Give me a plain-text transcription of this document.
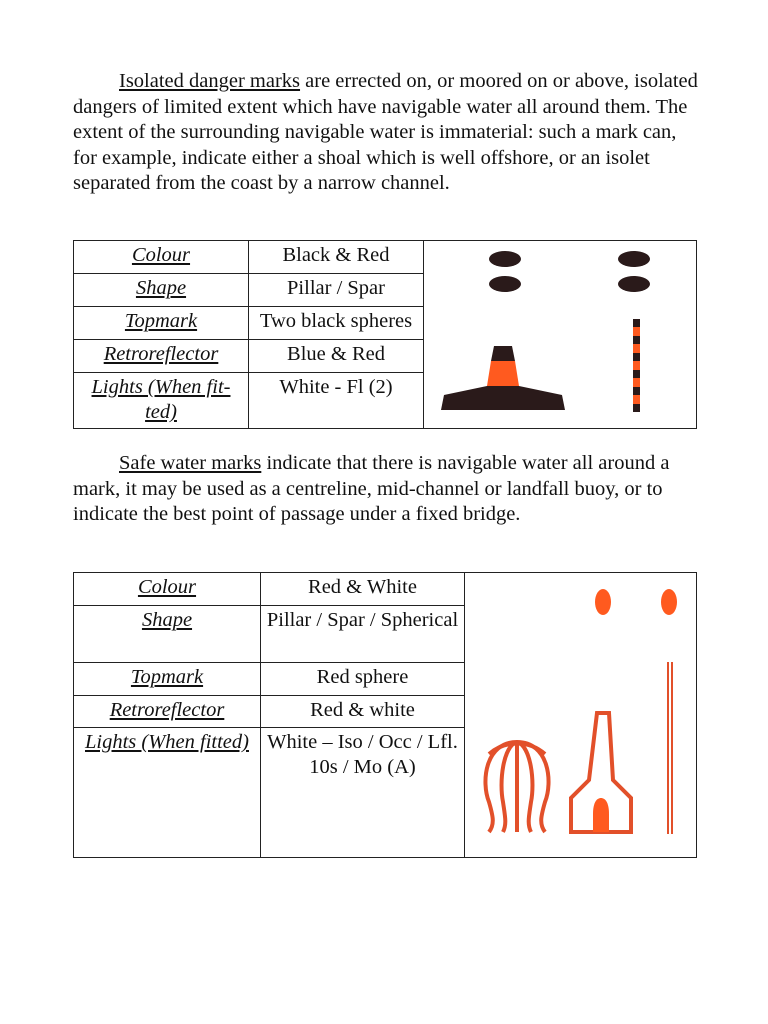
Isolated danger marks are errected on, or moored on or above, isolated dangers of limited extent which have navigable water all around them. The extent of the surrounding navigable water is immaterial: such a mark can, for example, indicate either a shoal which is well offshore, or an isolet separated from the coast by a narrow channel.

Colour	Black & Red	

Shape	Pillar / Spar	
Topmark	Two black spheres	
Retroreflector	Blue & Red	
Lights (When fit-ted)	White - Fl (2)	

Safe water marks indicate that there is navigable water all around a mark, it may be used as a centreline, mid-channel or landfall buoy, or to indicate the best point of passage under a fixed bridge.

Colour	Red & White	

Shape	Pillar / Spar / Spherical	
Topmark	Red sphere	
Retroreflector	Red & white	
Lights (When fitted)	White – Iso / Occ / Lfl. 10s / Mo (A)	
